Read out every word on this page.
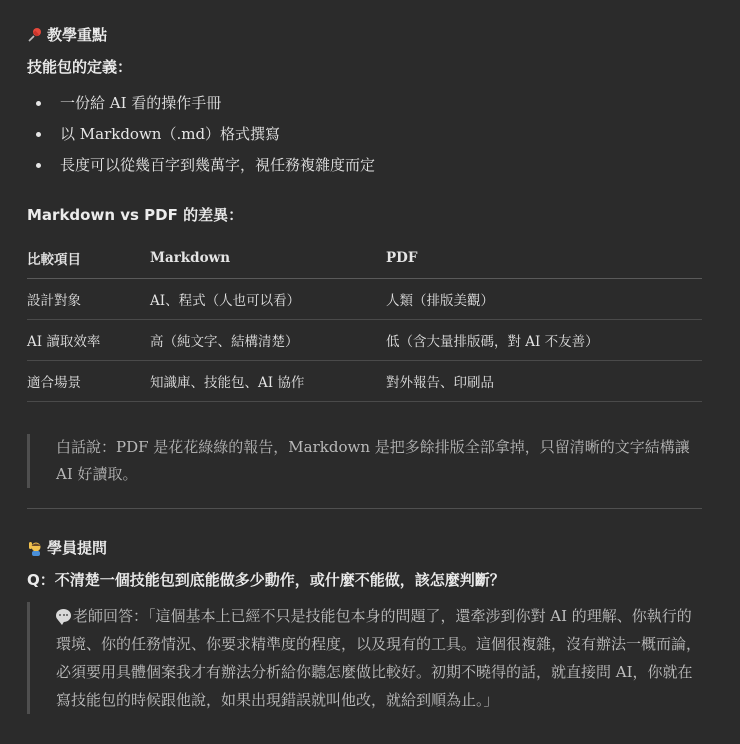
教學重點
技能包的定義：
一份給 AI 看的操作手冊
以 Markdown（.md）格式撰寫
長度可以從幾百字到幾萬字，視任務複雜度而定
Markdown vs PDF 的差異：
比較項目	Markdown	PDF
設計對象	AI、程式（人也可以看）	人類（排版美觀）
AI 讀取效率	高（純文字、結構清楚）	低（含大量排版碼，對 AI 不友善）
適合場景	知識庫、技能包、AI 協作	對外報告、印刷品
白話說：PDF 是花花綠綠的報告，Markdown 是把多餘排版全部拿掉，只留清晰的文字結構讓 AI 好讀取。
學員提問
Q：不清楚一個技能包到底能做多少動作，或什麼不能做，該怎麼判斷？
老師回答：「這個基本上已經不只是技能包本身的問題了，還牽涉到你對 AI 的理解、你執行的環境、你的任務情況、你要求精準度的程度，以及現有的工具。這個很複雜，沒有辦法一概而論，必須要用具體個案我才有辦法分析給你聽怎麼做比較好。初期不曉得的話，就直接問 AI，你就在寫技能包的時候跟他說，如果出現錯誤就叫他改，就給到順為止。」
